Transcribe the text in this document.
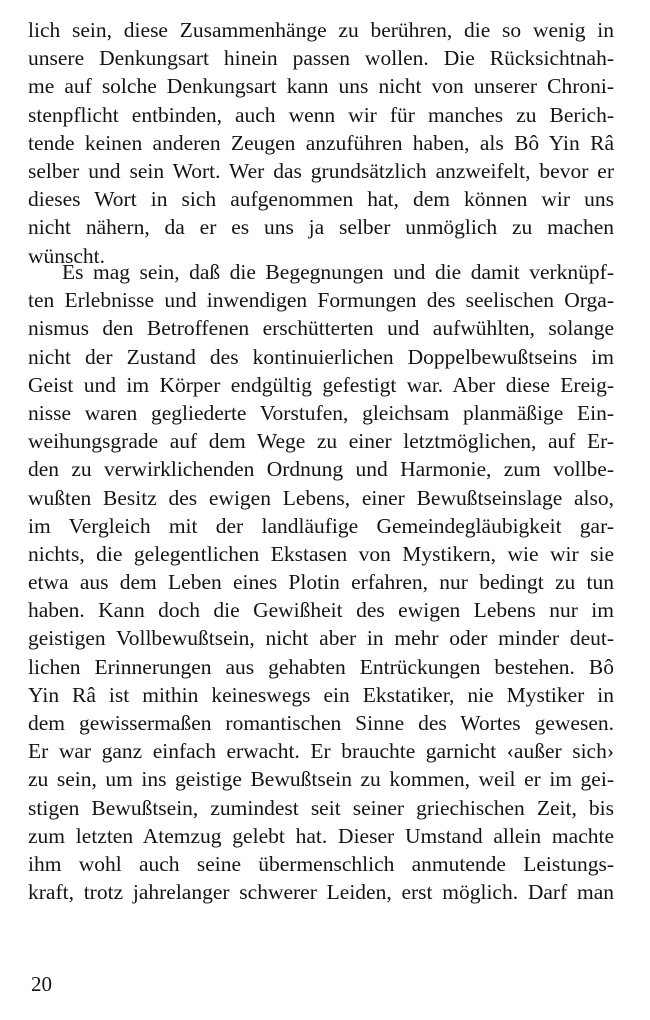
lich sein, diese Zusammenhänge zu berühren, die so wenig in
unsere Denkungsart hinein passen wollen. Die Rücksichtnah-
me auf solche Denkungsart kann uns nicht von unserer Chroni-
stenpflicht entbinden, auch wenn wir für manches zu Berich-
tende keinen anderen Zeugen anzuführen haben, als Bô Yin Râ
selber und sein Wort. Wer das grundsätzlich anzweifelt, bevor er
dieses Wort in sich aufgenommen hat, dem können wir uns
nicht nähern, da er es uns ja selber unmöglich zu machen
wünscht.
Es mag sein, daß die Begegnungen und die damit verknüpf-
ten Erlebnisse und inwendigen Formungen des seelischen Orga-
nismus den Betroffenen erschütterten und aufwühlten, solange
nicht der Zustand des kontinuierlichen Doppelbewußtseins im
Geist und im Körper endgültig gefestigt war. Aber diese Ereig-
nisse waren gegliederte Vorstufen, gleichsam planmäßige Ein-
weihungsgrade auf dem Wege zu einer letztmöglichen, auf Er-
den zu verwirklichenden Ordnung und Harmonie, zum vollbe-
wußten Besitz des ewigen Lebens, einer Bewußtseinslage also,
im Vergleich mit der landläufige Gemeindegläubigkeit gar-
nichts, die gelegentlichen Ekstasen von Mystikern, wie wir sie
etwa aus dem Leben eines Plotin erfahren, nur bedingt zu tun
haben. Kann doch die Gewißheit des ewigen Lebens nur im
geistigen Vollbewußtsein, nicht aber in mehr oder minder deut-
lichen Erinnerungen aus gehabten Entrückungen bestehen. Bô
Yin Râ ist mithin keineswegs ein Ekstatiker, nie Mystiker in
dem gewissermaßen romantischen Sinne des Wortes gewesen.
Er war ganz einfach erwacht. Er brauchte garnicht ‹außer sich›
zu sein, um ins geistige Bewußtsein zu kommen, weil er im gei-
stigen Bewußtsein, zumindest seit seiner griechischen Zeit, bis
zum letzten Atemzug gelebt hat. Dieser Umstand allein machte
ihm wohl auch seine übermenschlich anmutende Leistungs-
kraft, trotz jahrelanger schwerer Leiden, erst möglich. Darf man
20
